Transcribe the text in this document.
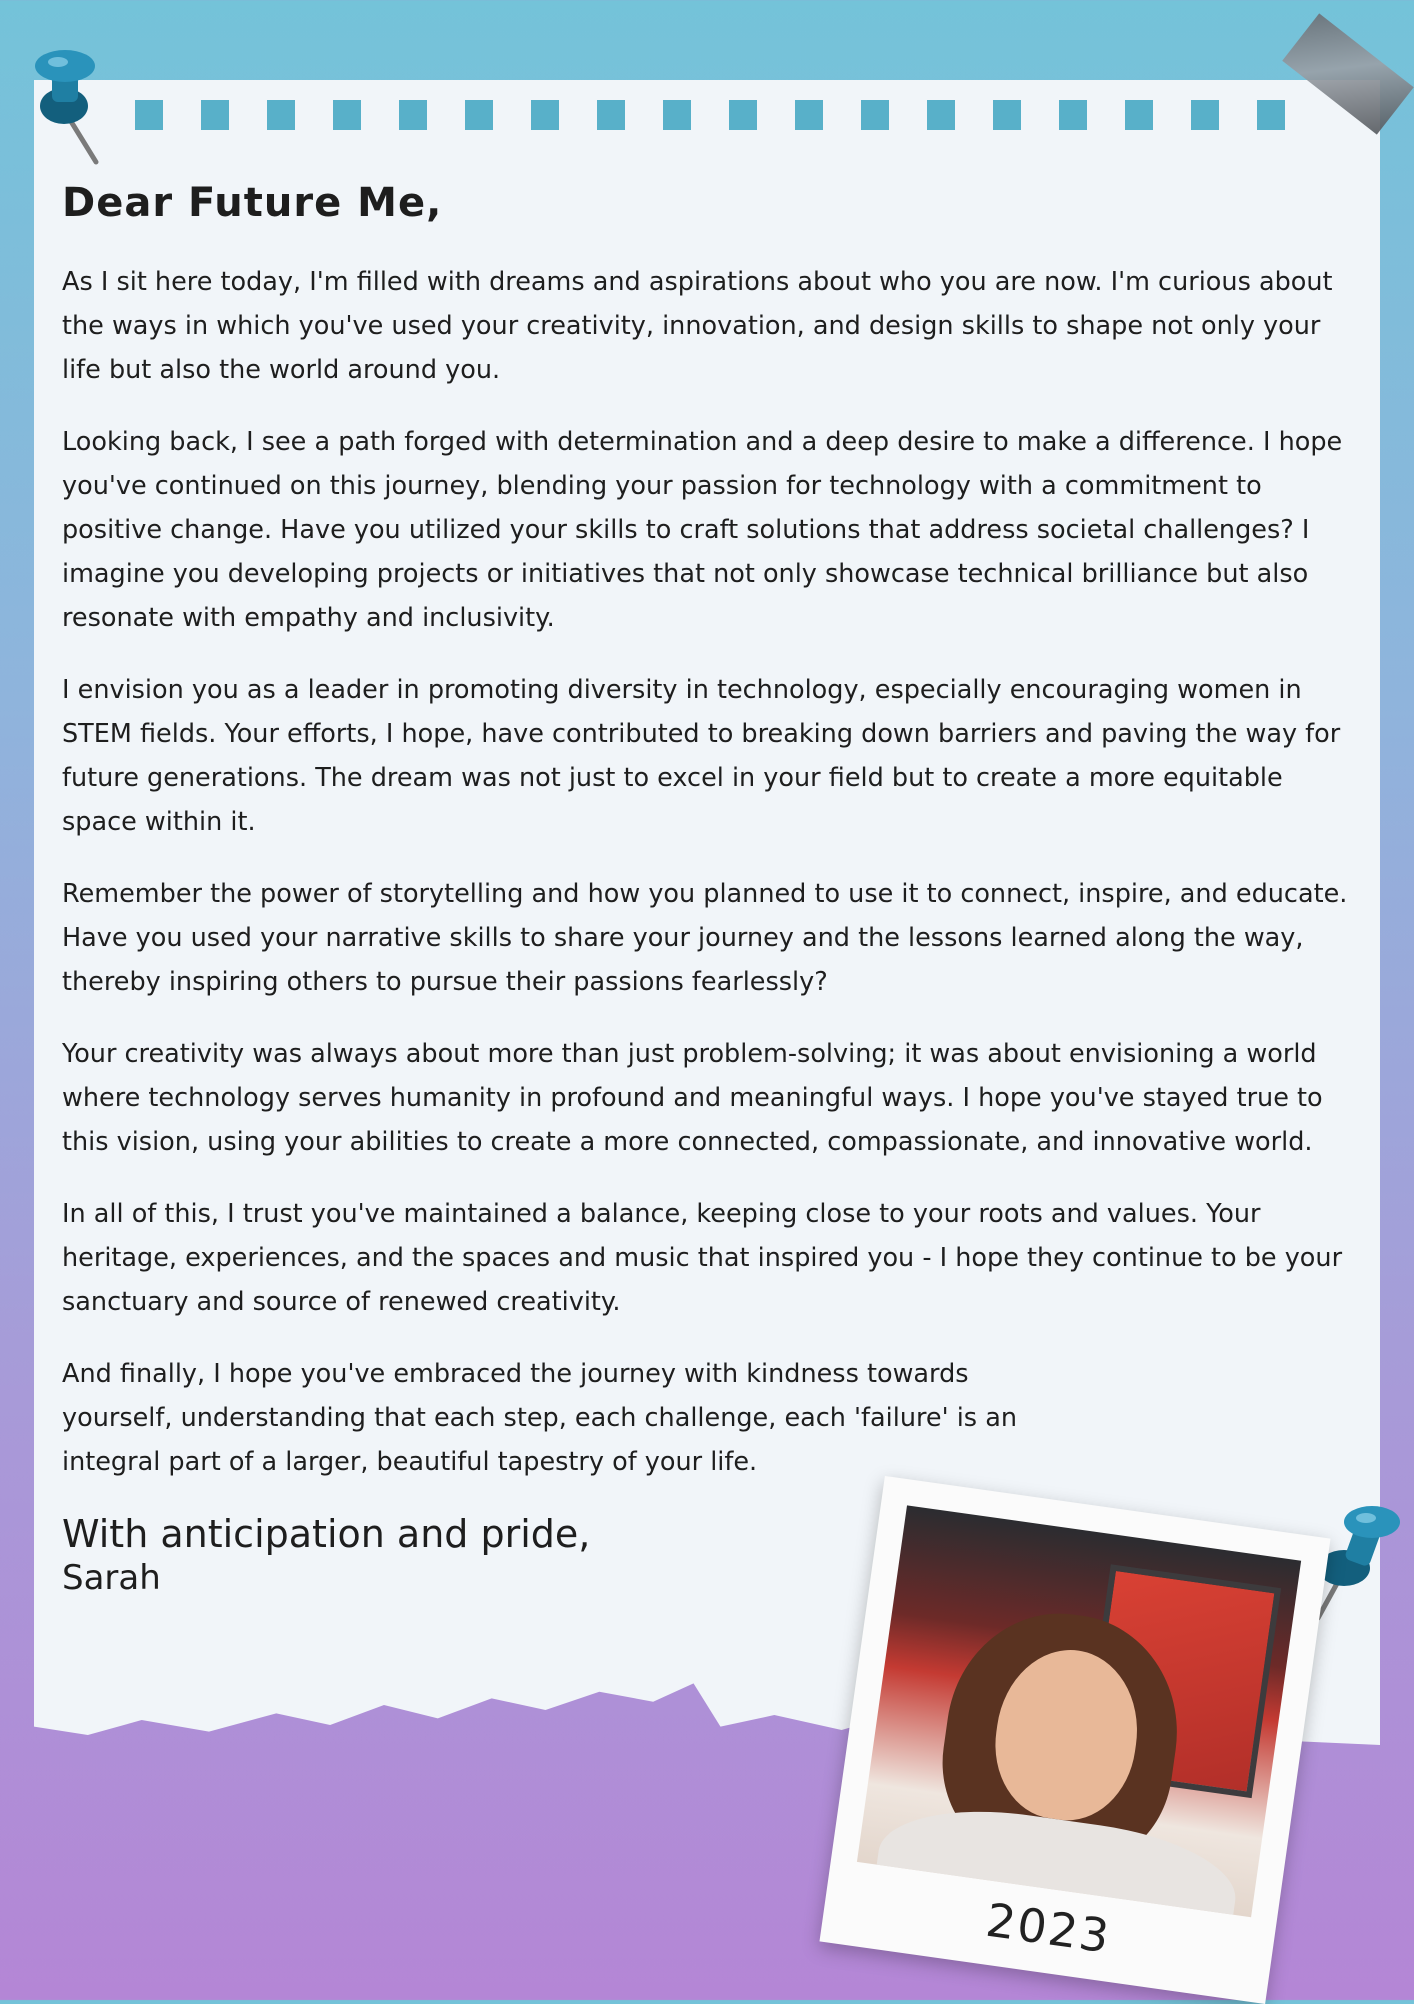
Dear Future Me,

As I sit here today, I'm filled with dreams and aspirations about who you are now. I'm curious about the ways in which you've used your creativity, innovation, and design skills to shape not only your life but also the world around you.

Looking back, I see a path forged with determination and a deep desire to make a difference. I hope you've continued on this journey, blending your passion for technology with a commitment to positive change. Have you utilized your skills to craft solutions that address societal challenges? I imagine you developing projects or initiatives that not only showcase technical brilliance but also resonate with empathy and inclusivity.

I envision you as a leader in promoting diversity in technology, especially encouraging women in STEM fields. Your efforts, I hope, have contributed to breaking down barriers and paving the way for future generations. The dream was not just to excel in your field but to create a more equitable space within it.

Remember the power of storytelling and how you planned to use it to connect, inspire, and educate. Have you used your narrative skills to share your journey and the lessons learned along the way, thereby inspiring others to pursue their passions fearlessly?

Your creativity was always about more than just problem-solving; it was about envisioning a world where technology serves humanity in profound and meaningful ways. I hope you've stayed true to this vision, using your abilities to create a more connected, compassionate, and innovative world.

In all of this, I trust you've maintained a balance, keeping close to your roots and values. Your heritage, experiences, and the spaces and music that inspired you - I hope they continue to be your sanctuary and source of renewed creativity.

And finally, I hope you've embraced the journey with kindness towards yourself, understanding that each step, each challenge, each 'failure' is an integral part of a larger, beautiful tapestry of your life.

With anticipation and pride,

Sarah

2023
